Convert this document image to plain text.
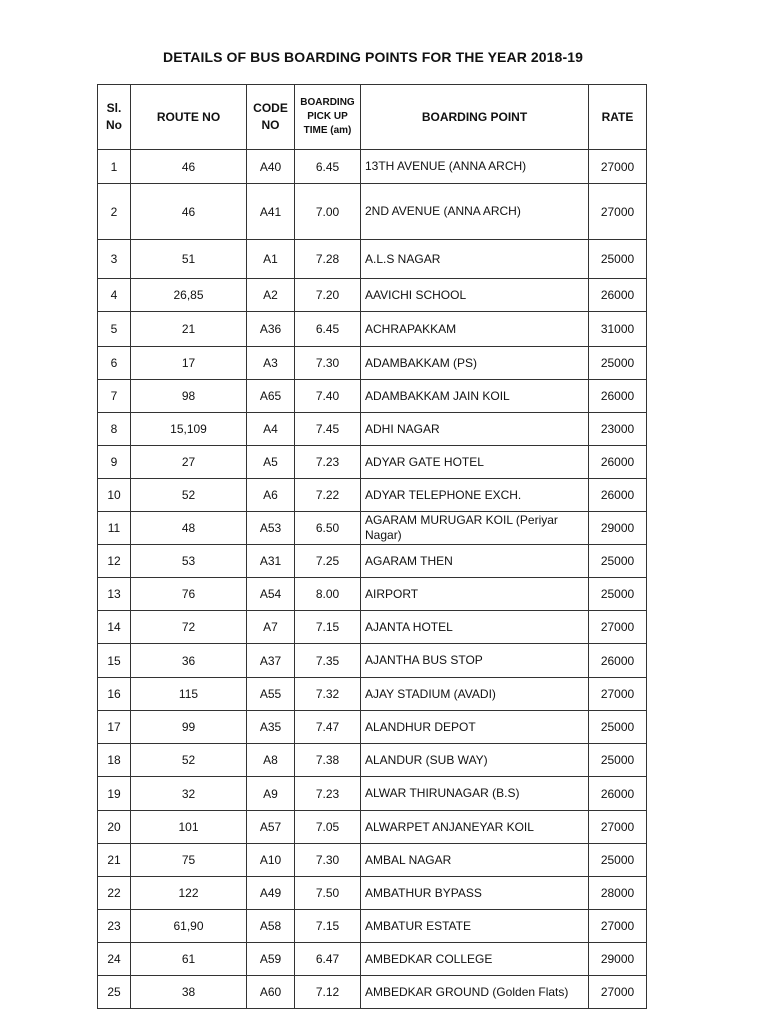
DETAILS OF BUS BOARDING POINTS FOR THE YEAR 2018-19
Sl. No	ROUTE NO	CODE NO	BOARDING PICK UP TIME (am)	BOARDING POINT	RATE
1	46	A40	6.45	13TH AVENUE (ANNA ARCH)	27000
2	46	A41	7.00	2ND AVENUE (ANNA ARCH)	27000
3	51	A1	7.28	A.L.S NAGAR	25000
4	26,85	A2	7.20	AAVICHI SCHOOL	26000
5	21	A36	6.45	ACHRAPAKKAM	31000
6	17	A3	7.30	ADAMBAKKAM (PS)	25000
7	98	A65	7.40	ADAMBAKKAM JAIN KOIL	26000
8	15,109	A4	7.45	ADHI NAGAR	23000
9	27	A5	7.23	ADYAR GATE HOTEL	26000
10	52	A6	7.22	ADYAR TELEPHONE EXCH.	26000
11	48	A53	6.50	AGARAM MURUGAR KOIL (Periyar Nagar)	29000
12	53	A31	7.25	AGARAM THEN	25000
13	76	A54	8.00	AIRPORT	25000
14	72	A7	7.15	AJANTA HOTEL	27000
15	36	A37	7.35	AJANTHA BUS STOP	26000
16	115	A55	7.32	AJAY STADIUM (AVADI)	27000
17	99	A35	7.47	ALANDHUR DEPOT	25000
18	52	A8	7.38	ALANDUR (SUB WAY)	25000
19	32	A9	7.23	ALWAR THIRUNAGAR (B.S)	26000
20	101	A57	7.05	ALWARPET ANJANEYAR KOIL	27000
21	75	A10	7.30	AMBAL NAGAR	25000
22	122	A49	7.50	AMBATHUR BYPASS	28000
23	61,90	A58	7.15	AMBATUR ESTATE	27000
24	61	A59	6.47	AMBEDKAR COLLEGE	29000
25	38	A60	7.12	AMBEDKAR GROUND (Golden Flats)	27000
